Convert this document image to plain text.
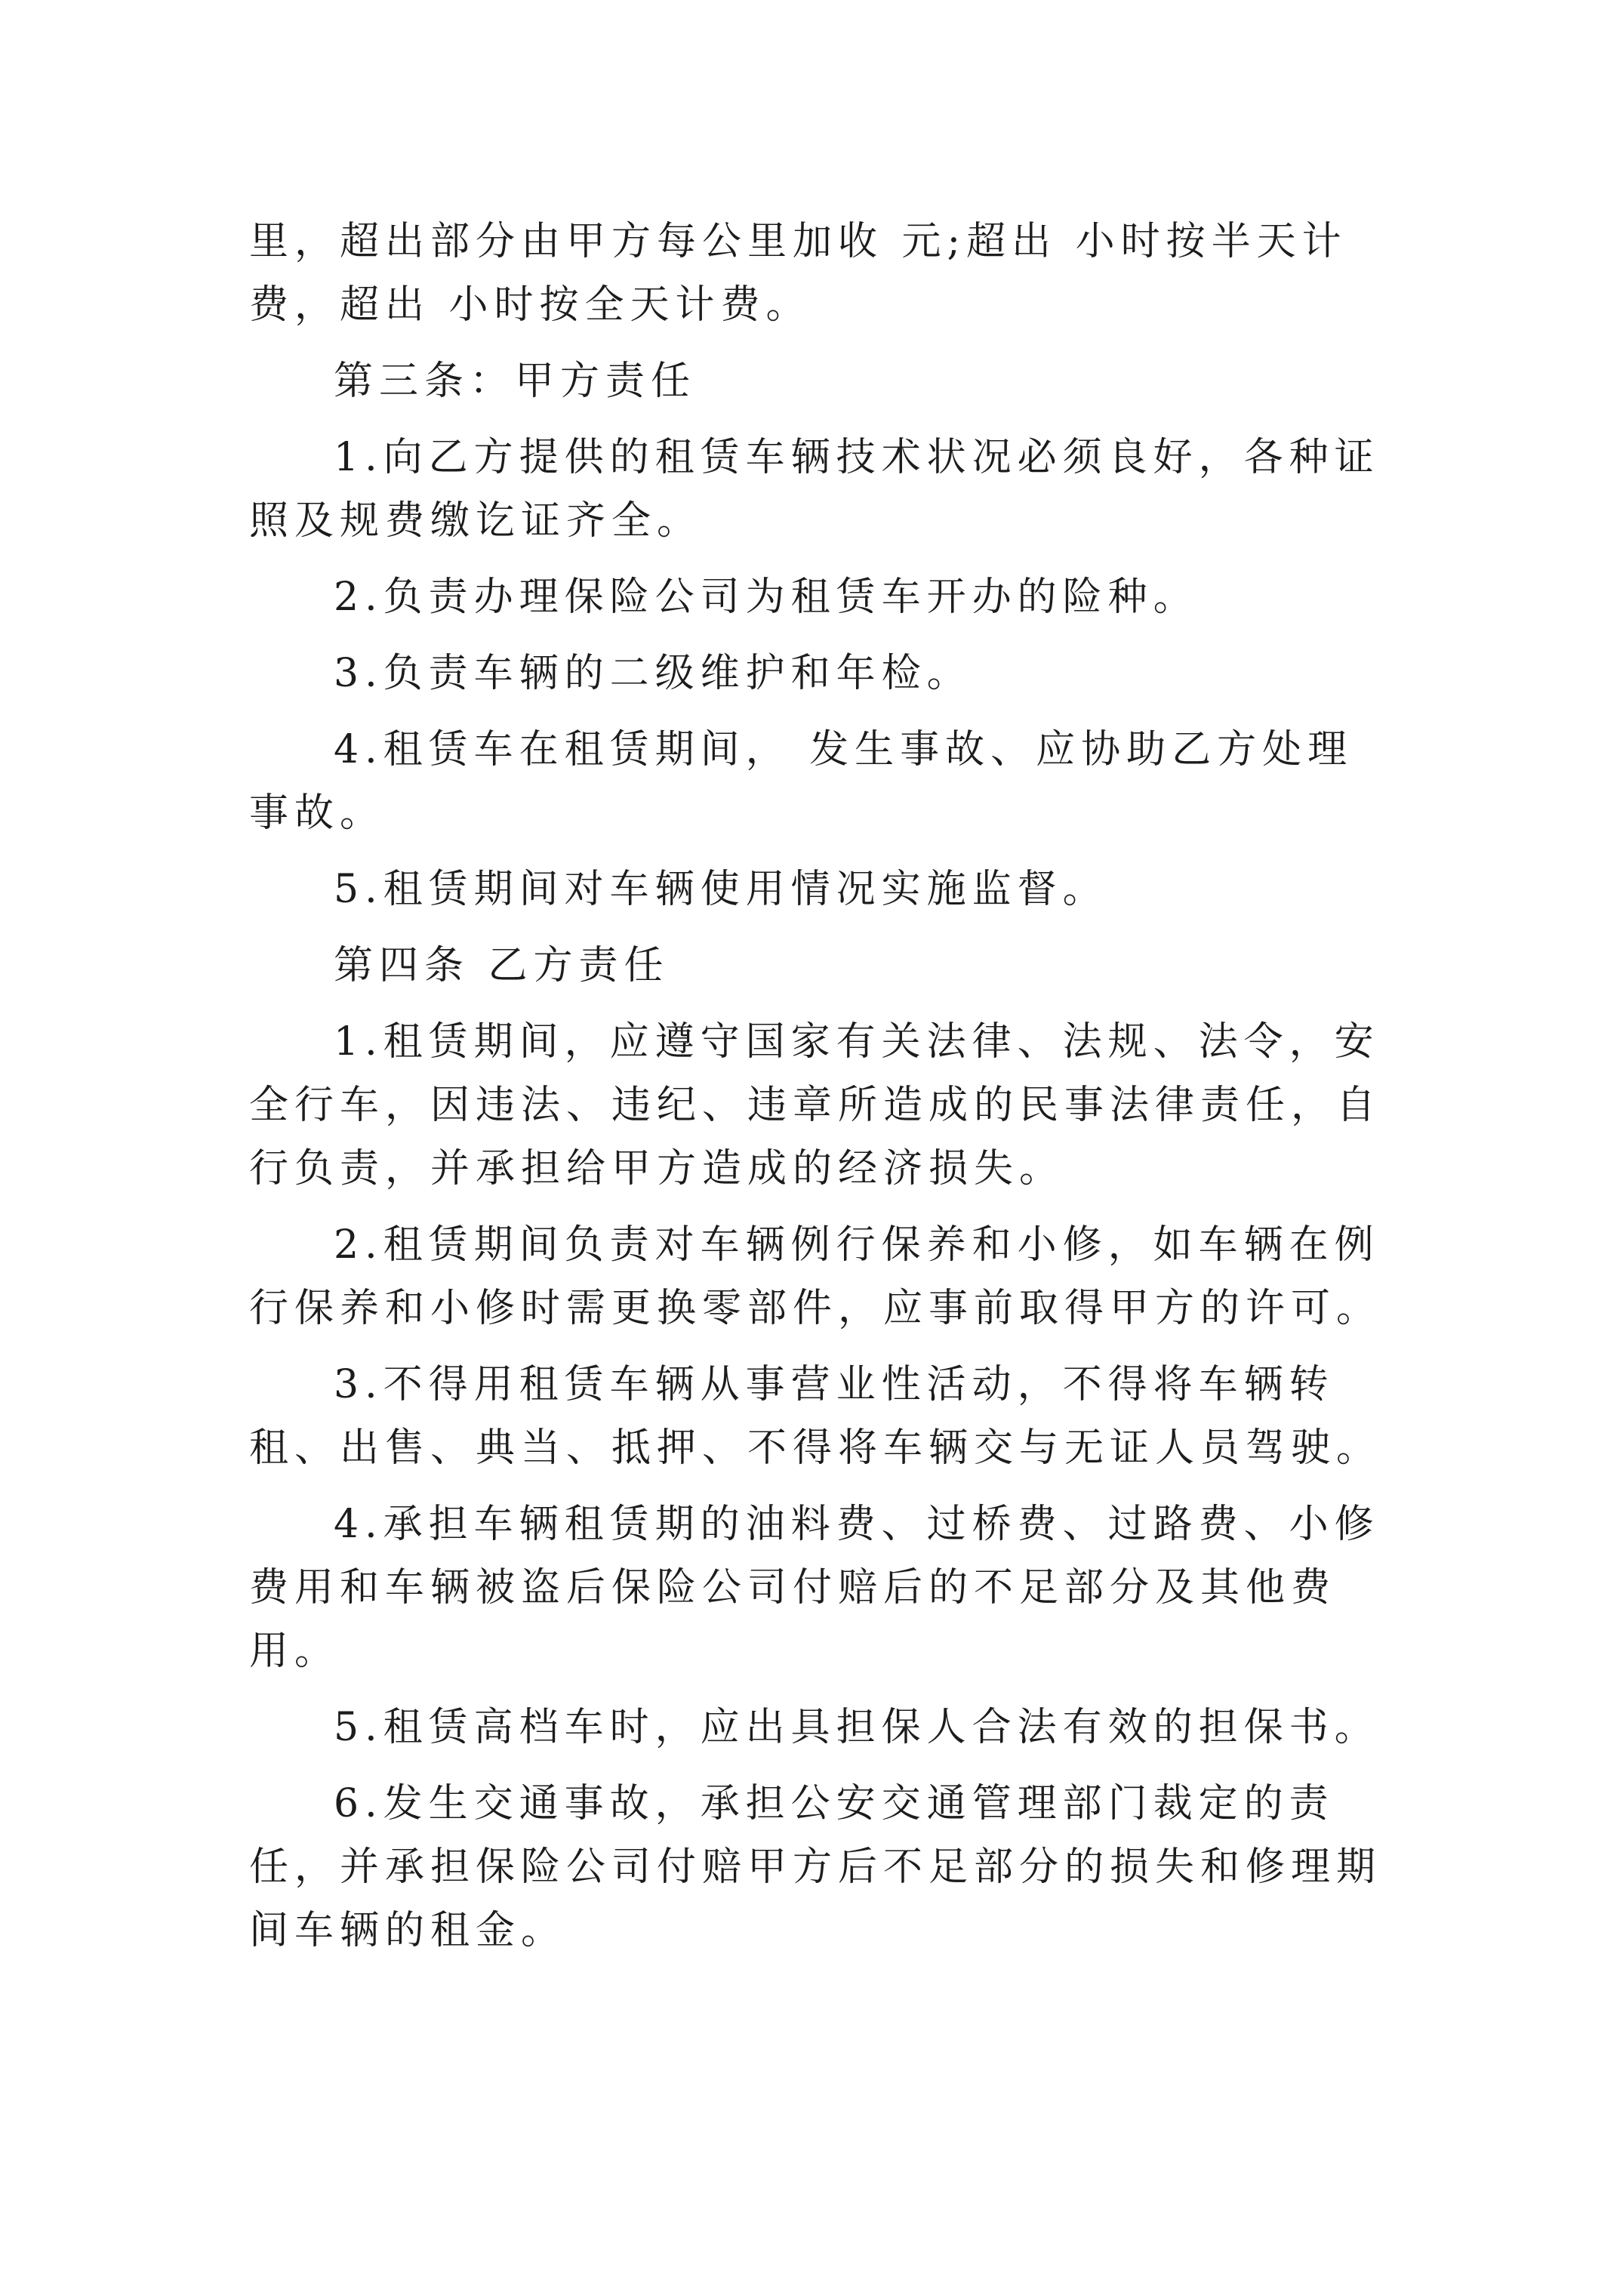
里，超出部分由甲方每公里加收 元;超出 小时按半天计费，超出 小时按全天计费。

第三条：甲方责任

1.向乙方提供的租赁车辆技术状况必须良好，各种证照及规费缴讫证齐全。

2.负责办理保险公司为租赁车开办的险种。

3.负责车辆的二级维护和年检。

4.租赁车在租赁期间， 发生事故、应协助乙方处理事故。

5.租赁期间对车辆使用情况实施监督。

第四条 乙方责任

1.租赁期间，应遵守国家有关法律、法规、法令，安全行车，因违法、违纪、违章所造成的民事法律责任，自行负责，并承担给甲方造成的经济损失。

2.租赁期间负责对车辆例行保养和小修，如车辆在例行保养和小修时需更换零部件，应事前取得甲方的许可。

3.不得用租赁车辆从事营业性活动，不得将车辆转租、出售、典当、抵押、不得将车辆交与无证人员驾驶。

4.承担车辆租赁期的油料费、过桥费、过路费、小修费用和车辆被盗后保险公司付赔后的不足部分及其他费用。

5.租赁高档车时，应出具担保人合法有效的担保书。

6.发生交通事故，承担公安交通管理部门裁定的责任，并承担保险公司付赔甲方后不足部分的损失和修理期间车辆的租金。
